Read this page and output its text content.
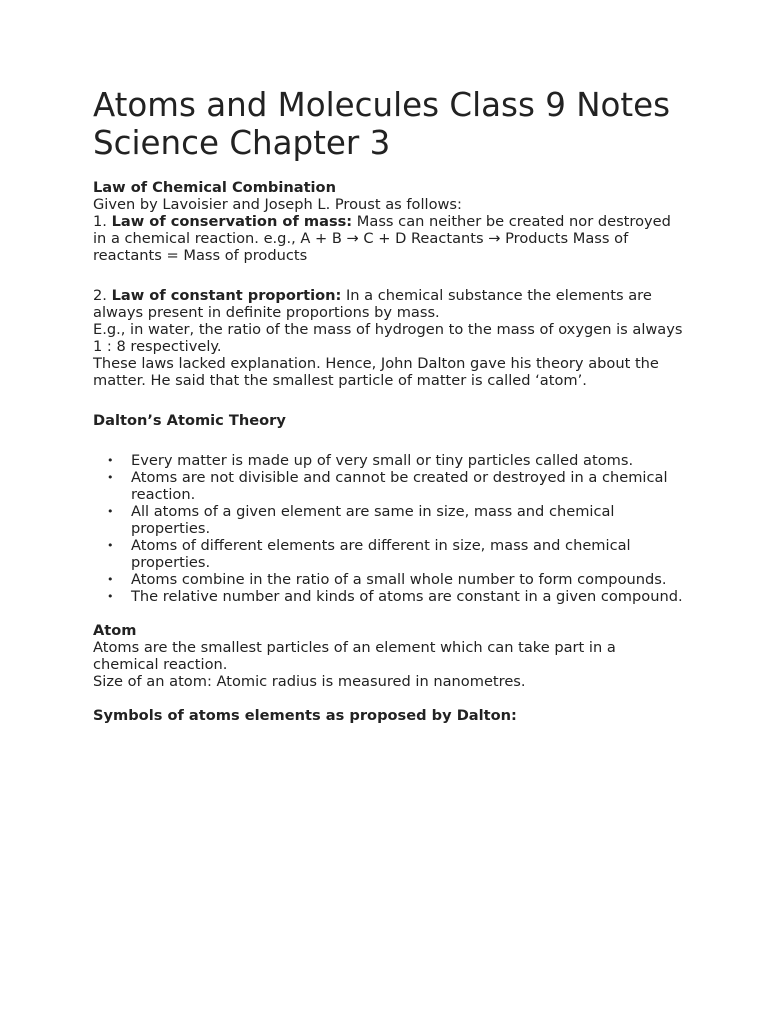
Atoms and Molecules Class 9 Notes Science Chapter 3

Law of Chemical Combination

Given by Lavoisier and Joseph L. Proust as follows:

1. Law of conservation of mass: Mass can neither be created nor destroyed in a chemical reaction. e.g., A + B → C + D Reactants → Products Mass of reactants = Mass of products

2. Law of constant proportion: In a chemical substance the elements are always present in definite proportions by mass.

E.g., in water, the ratio of the mass of hydrogen to the mass of oxygen is always 1 : 8 respectively.

These laws lacked explanation. Hence, John Dalton gave his theory about the matter. He said that the smallest particle of matter is called ‘atom’.

Dalton’s Atomic Theory

• Every matter is made up of very small or tiny particles called atoms.
• Atoms are not divisible and cannot be created or destroyed in a chemical reaction.
• All atoms of a given element are same in size, mass and chemical properties.
• Atoms of different elements are different in size, mass and chemical properties.
• Atoms combine in the ratio of a small whole number to form compounds.
• The relative number and kinds of atoms are constant in a given compound.

Atom

Atoms are the smallest particles of an element which can take part in a chemical reaction.

Size of an atom: Atomic radius is measured in nanometres.

Symbols of atoms elements as proposed by Dalton:
